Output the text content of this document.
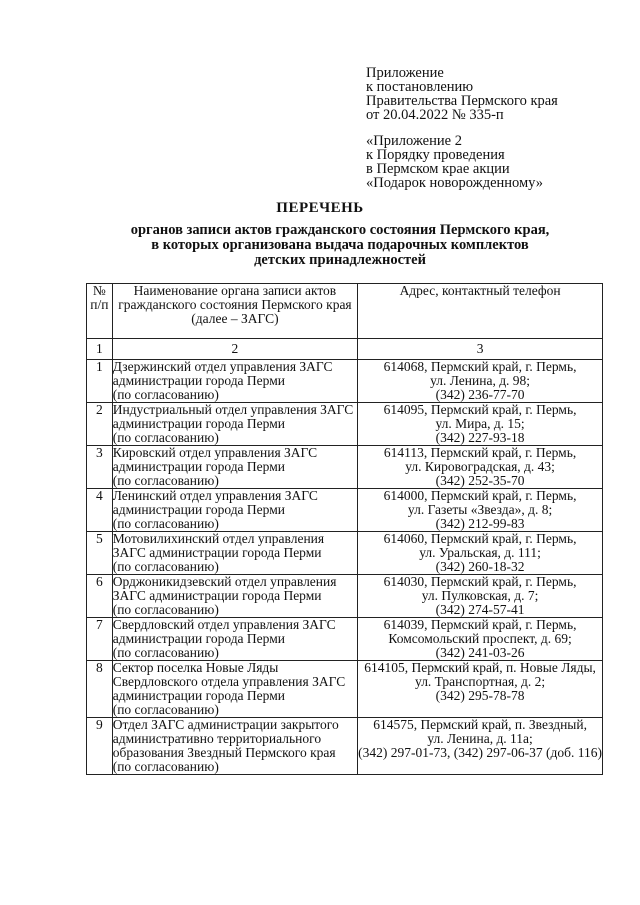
Приложение
к постановлению
Правительства Пермского края
от 20.04.2022 № 335-п
«Приложение 2
к Порядку проведения
в Пермском крае акции
«Подарок новорожденному»
ПЕРЕЧЕНЬ
органов записи актов гражданского состояния Пермского края,
в которых организована выдача подарочных комплектов
детских принадлежностей
№
п/п	Наименование органа записи актов
гражданского состояния Пермского края
(далее – ЗАГС)	Адрес, контактный телефон
1	2	3
1	Дзержинский отдел управления ЗАГС
администрации города Перми
(по согласованию)	614068, Пермский край, г. Пермь,
ул. Ленина, д. 98;
(342) 236-77-70

2	Индустриальный отдел управления ЗАГС
администрации города Перми
(по согласованию)	614095, Пермский край, г. Пермь,
ул. Мира, д. 15;
(342) 227-93-18

3	Кировский отдел управления ЗАГС
администрации города Перми
(по согласованию)	614113, Пермский край, г. Пермь,
ул. Кировоградская, д. 43;
(342) 252-35-70

4	Ленинский отдел управления ЗАГС
администрации города Перми
(по согласованию)	614000, Пермский край, г. Пермь,
ул. Газеты «Звезда», д. 8;
(342) 212-99-83

5	Мотовилихинский отдел управления
ЗАГС администрации города Перми
(по согласованию)	614060, Пермский край, г. Пермь,
ул. Уральская, д. 111;
(342) 260-18-32

6	Орджоникидзевский отдел управления
ЗАГС администрации города Перми
(по согласованию)	614030, Пермский край, г. Пермь,
ул. Пулковская, д. 7;
(342) 274-57-41

7	Свердловский отдел управления ЗАГС
администрации города Перми
(по согласованию)	614039, Пермский край, г. Пермь,
Комсомольский проспект, д. 69;
(342) 241-03-26

8	Сектор поселка Новые Ляды
Свердловского отдела управления ЗАГС
администрации города Перми
(по согласованию)	614105, Пермский край, п. Новые Ляды,
ул. Транспортная, д. 2;
(342) 295-78-78

9	Отдел ЗАГС администрации закрытого
административно территориального
образования Звездный Пермского края
(по согласованию)	614575, Пермский край, п. Звездный,
ул. Ленина, д. 11а;
(342) 297-01-73, (342) 297-06-37 (доб. 116)
